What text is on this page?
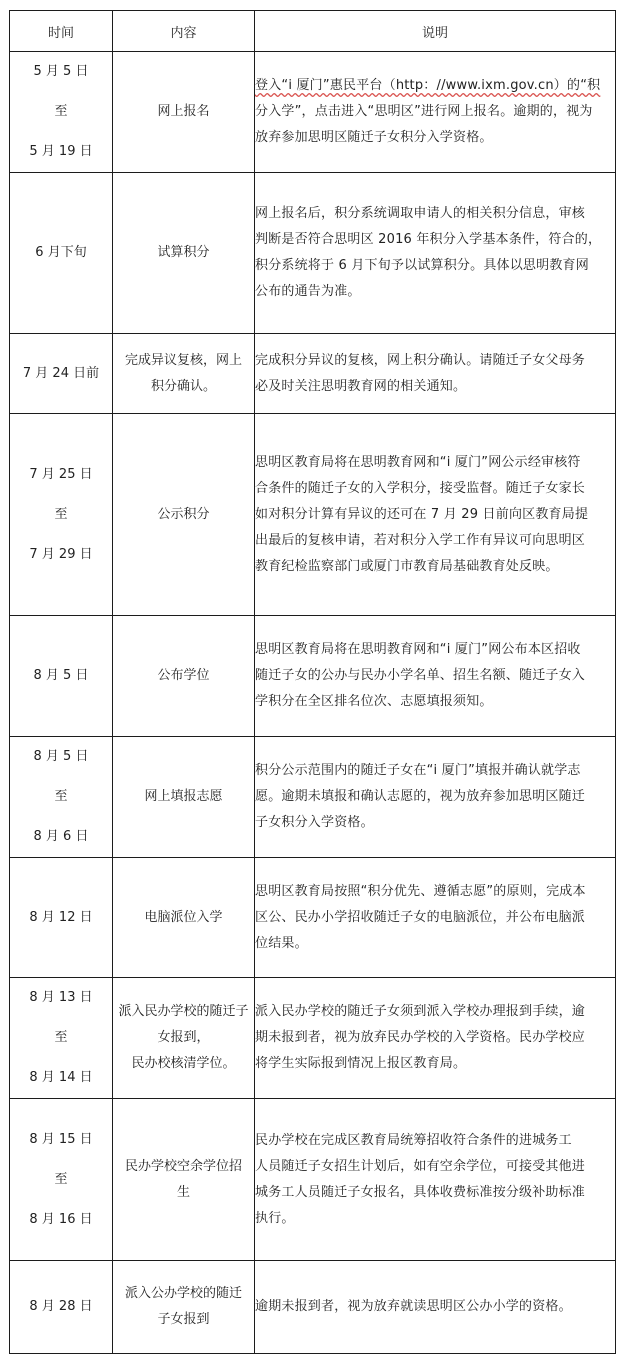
时间	内容	说明

5 月 5 日
至
5 月 19 日	网上报名	登入“i 厦门”惠民平台（http：//www.ixm.gov.cn）的“积
分入学”，点击进入“思明区”进行网上报名。逾期的，视为
放弃参加思明区随迁子女积分入学资格。

6 月下旬	试算积分	网上报名后，积分系统调取申请人的相关积分信息，审核
判断是否符合思明区 2016 年积分入学基本条件，符合的，
积分系统将于 6 月下旬予以试算积分。具体以思明教育网
公布的通告为准。

7 月 24 日前	完成异议复核，网上
积分确认。	完成积分异议的复核，网上积分确认。请随迁子女父母务
必及时关注思明教育网的相关通知。

7 月 25 日
至
7 月 29 日	公示积分	思明区教育局将在思明教育网和“i 厦门”网公示经审核符
合条件的随迁子女的入学积分，接受监督。随迁子女家长
如对积分计算有异议的还可在 7 月 29 日前向区教育局提
出最后的复核申请，若对积分入学工作有异议可向思明区
教育纪检监察部门或厦门市教育局基础教育处反映。

8 月 5 日	公布学位	思明区教育局将在思明教育网和“i 厦门”网公布本区招收
随迁子女的公办与民办小学名单、招生名额、随迁子女入
学积分在全区排名位次、志愿填报须知。

8 月 5 日
至
8 月 6 日	网上填报志愿	积分公示范围内的随迁子女在“i 厦门”填报并确认就学志
愿。逾期未填报和确认志愿的，视为放弃参加思明区随迁
子女积分入学资格。

8 月 12 日	电脑派位入学	思明区教育局按照“积分优先、遵循志愿”的原则，完成本
区公、民办小学招收随迁子女的电脑派位，并公布电脑派
位结果。

8 月 13 日
至
8 月 14 日	派入民办学校的随迁子
女报到，
民办校核清学位。	派入民办学校的随迁子女须到派入学校办理报到手续，逾
期未报到者，视为放弃民办学校的入学资格。民办学校应
将学生实际报到情况上报区教育局。

8 月 15 日
至
8 月 16 日	民办学校空余学位招
生	民办学校在完成区教育局统筹招收符合条件的进城务工
人员随迁子女招生计划后，如有空余学位，可接受其他进
城务工人员随迁子女报名，具体收费标准按分级补助标准
执行。

8 月 28 日	派入公办学校的随迁
子女报到	逾期未报到者，视为放弃就读思明区公办小学的资格。
